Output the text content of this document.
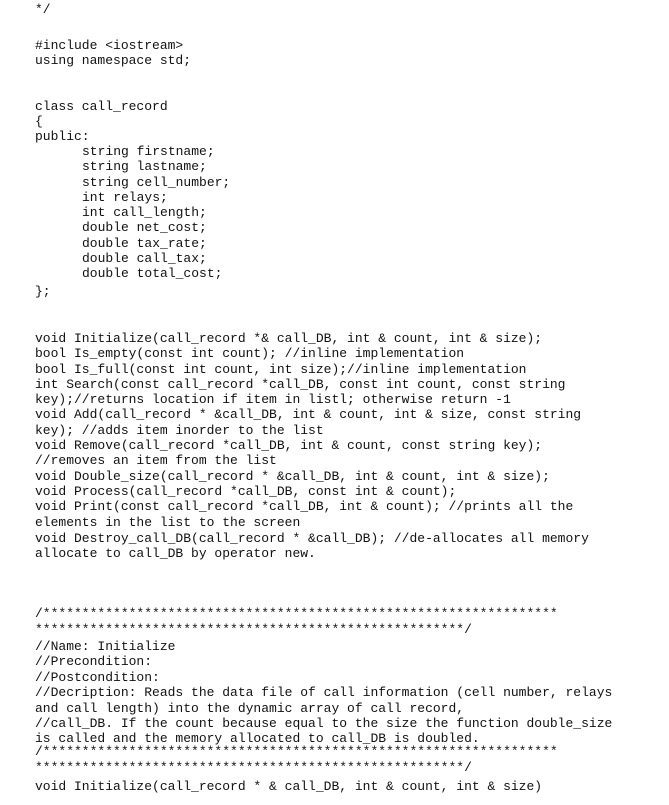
*/
#include <iostream>
using namespace std;
class call_record
{
public:
string firstname;
string lastname;
string cell_number;
int relays;
int call_length;
double net_cost;
double tax_rate;
double call_tax;
double total_cost;
};
void Initialize(call_record *& call_DB, int & count, int & size);
bool Is_empty(const int count); //inline implementation
bool Is_full(const int count, int size);//inline implementation
int Search(const call_record *call_DB, const int count, const string
key);//returns location if item in listl; otherwise return -1
void Add(call_record * &call_DB, int & count, int & size, const string
key); //adds item inorder to the list
void Remove(call_record *call_DB, int & count, const string key);
//removes an item from the list
void Double_size(call_record * &call_DB, int & count, int & size);
void Process(call_record *call_DB, const int & count);
void Print(const call_record *call_DB, int & count); //prints all the
elements in the list to the screen
void Destroy_call_DB(call_record * &call_DB); //de-allocates all memory
allocate to call_DB by operator new.
/******************************************************************
*******************************************************/
//Name: Initialize
//Precondition:
//Postcondition:
//Decription: Reads the data file of call information (cell number, relays
and call length) into the dynamic array of call record,
//call_DB. If the count because equal to the size the function double_size
is called and the memory allocated to call_DB is doubled.
/******************************************************************
*******************************************************/
void Initialize(call_record * & call_DB, int & count, int & size)
